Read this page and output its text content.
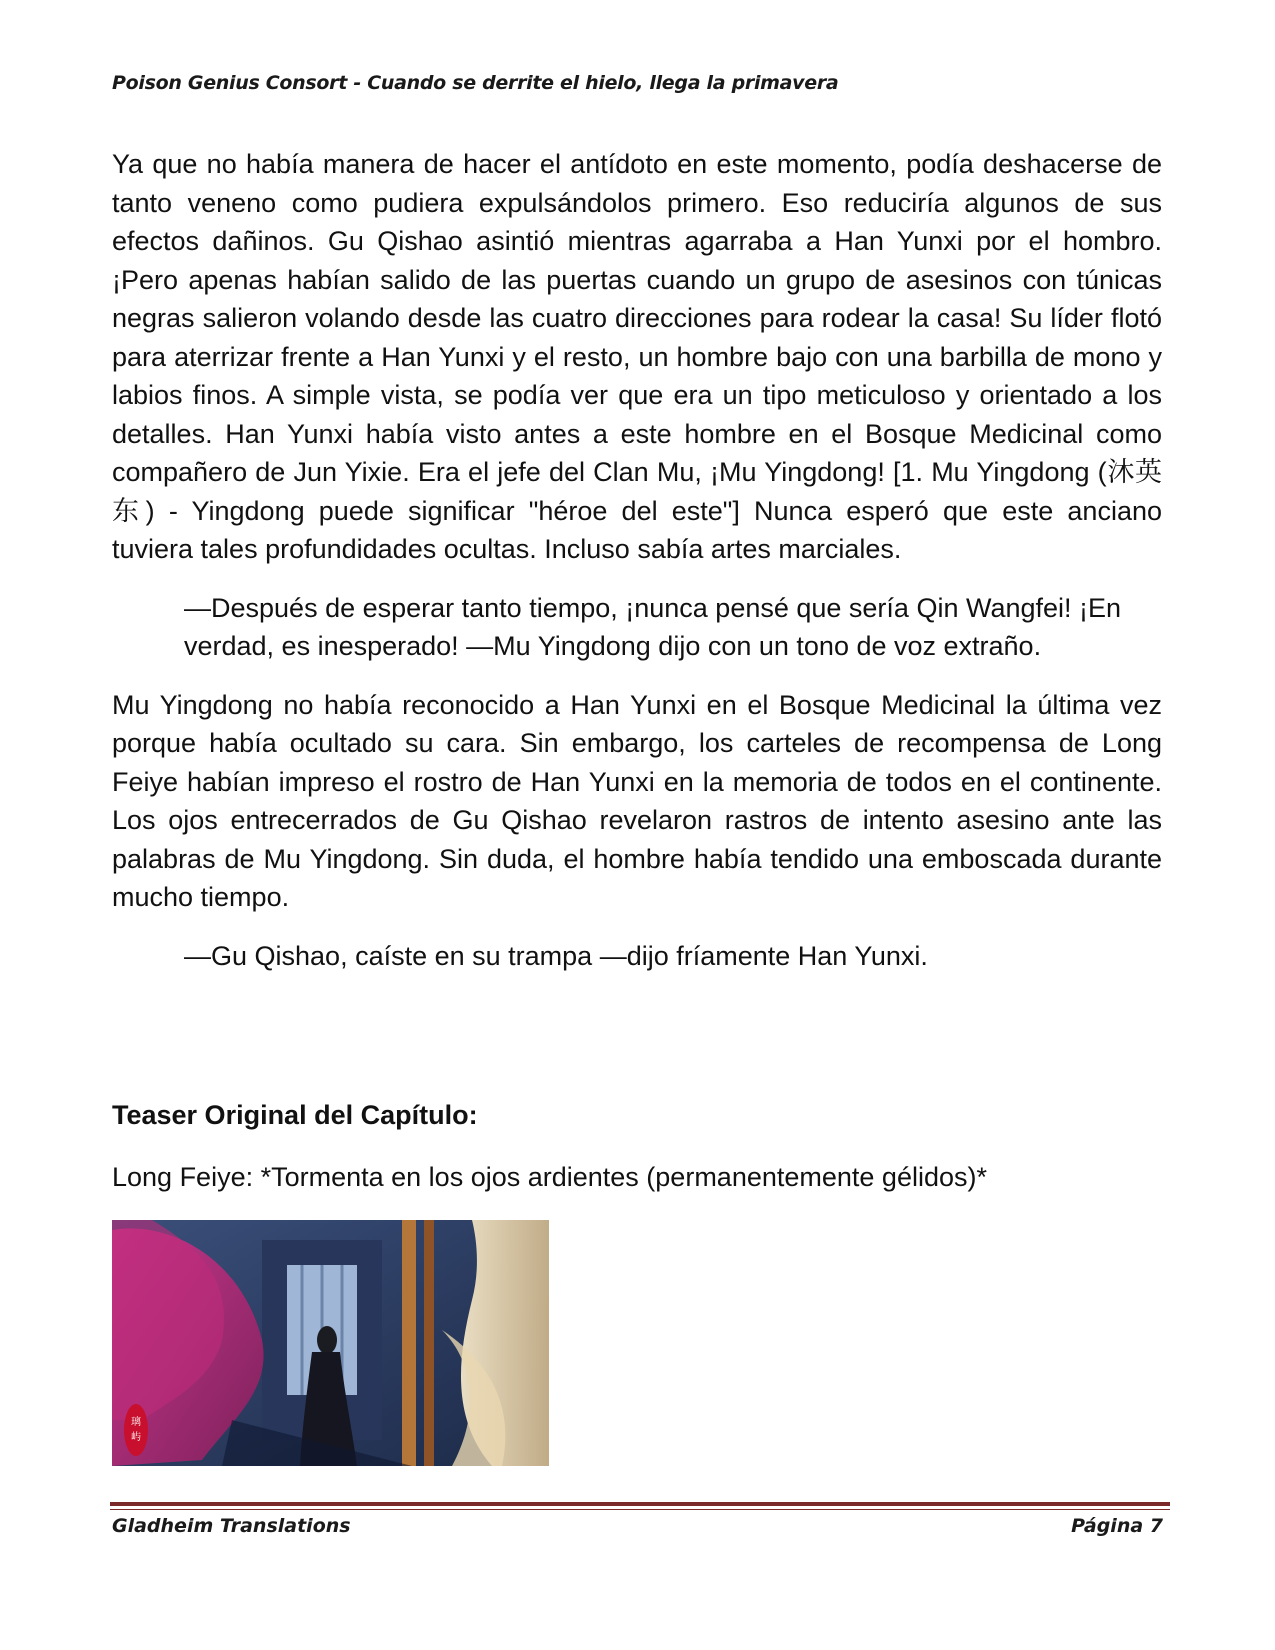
Poison Genius Consort - Cuando se derrite el hielo, llega la primavera

Ya que no había manera de hacer el antídoto en este momento, podía deshacerse de tanto veneno como pudiera expulsándolos primero. Eso reduciría algunos de sus efectos dañinos. Gu Qishao asintió mientras agarraba a Han Yunxi por el hombro. ¡Pero apenas habían salido de las puertas cuando un grupo de asesinos con túnicas negras salieron volando desde las cuatro direcciones para rodear la casa! Su líder flotó para aterrizar frente a Han Yunxi y el resto, un hombre bajo con una barbilla de mono y labios finos. A simple vista, se podía ver que era un tipo meticuloso y orientado a los detalles. Han Yunxi había visto antes a este hombre en el Bosque Medicinal como compañero de Jun Yixie. Era el jefe del Clan Mu, ¡Mu Yingdong! [1. Mu Yingdong (沐英东) - Yingdong puede significar "héroe del este"] Nunca esperó que este anciano tuviera tales profundidades ocultas. Incluso sabía artes marciales.

—Después de esperar tanto tiempo, ¡nunca pensé que sería Qin Wangfei! ¡En verdad, es inesperado! —Mu Yingdong dijo con un tono de voz extraño.

Mu Yingdong no había reconocido a Han Yunxi en el Bosque Medicinal la última vez porque había ocultado su cara. Sin embargo, los carteles de recompensa de Long Feiye habían impreso el rostro de Han Yunxi en la memoria de todos en el continente. Los ojos entrecerrados de Gu Qishao revelaron rastros de intento asesino ante las palabras de Mu Yingdong. Sin duda, el hombre había tendido una emboscada durante mucho tiempo.

—Gu Qishao, caíste en su trampa —dijo fríamente Han Yunxi.

Teaser Original del Capítulo:
Long Feiye: *Tormenta en los ojos ardientes (permanentemente gélidos)*
璃
屿
Gladheim Translations	Página 7
